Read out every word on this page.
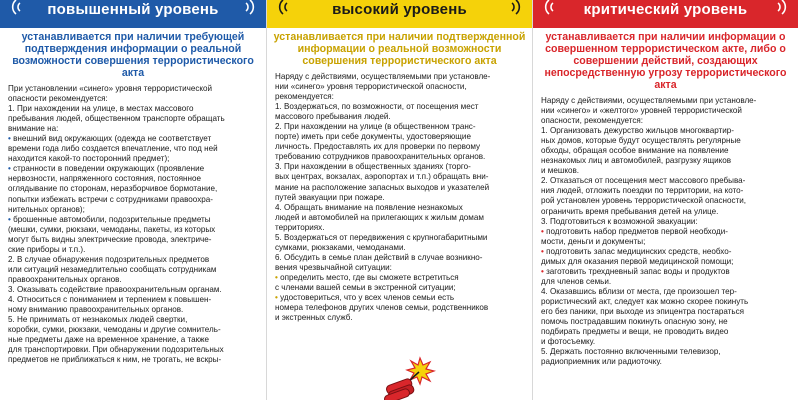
повышенный уровень
устанавливается при наличии требующей подтверждения информации о реальной возможности совершения террористического акта

При установлении «синего» уровня террористической

опасности рекомендуется:

1. При нахождении на улице, в местах массового

пребывания людей, общественном транспорте обращать

внимание на:

• внешний вид окружающих (одежда не соответствует

времени года либо создается впечатление, что под ней

находится какой-то посторонний предмет);

• странности в поведении окружающих (проявление

нервозности, напряженного состояния, постоянное

оглядывание по сторонам, неразборчивое бормотание,

попытки избежать встречи с сотрудниками правоохра-

нительных органов);

• брошенные автомобили, подозрительные предметы

(мешки, сумки, рюкзаки, чемоданы, пакеты, из которых

могут быть видны электрические провода, электриче-

ские приборы и т.п.).

2. В случае обнаружения подозрительных предметов

или ситуаций незамедлительно сообщать сотрудникам

правоохранительных органов.

3. Оказывать содействие правоохранительным органам.

4. Относиться с пониманием и терпением к повышен-

ному вниманию правоохранительных органов.

5. Не принимать от незнакомых людей свертки,

коробки, сумки, рюкзаки, чемоданы и другие сомнитель-

ные предметы даже на временное хранение, а также

для транспортировки. При обнаружении подозрительных

предметов не приближаться к ним, не трогать, не вскры-

высокий уровень
устанавливается при наличии подтвержденной информации о реальной возможности совершения террористического акта

Наряду с действиями, осуществляемыми при установле-

нии «синего» уровня террористической опасности,

рекомендуется:

1. Воздержаться, по возможности, от посещения мест

массового пребывания людей.

2. При нахождении на улице (в общественном транс-

порте) иметь при себе документы, удостоверяющие

личность. Предоставлять их для проверки по первому

требованию сотрудников правоохранительных органов.

3. При нахождении в общественных зданиях (торго-

вых центрах, вокзалах, аэропортах и т.п.) обращать вни-

мание на расположение запасных выходов и указателей

путей эвакуации при пожаре.

4. Обращать внимание на появление незнакомых

людей и автомобилей на прилегающих к жилым домам

территориях.

5. Воздержаться от передвижения с крупногабаритными

сумками, рюкзаками, чемоданами.

6. Обсудить в семье план действий в случае возникно-

вения чрезвычайной ситуации:

• определить место, где вы сможете встретиться

с членами вашей семьи в экстренной ситуации;

• удостовериться, что у всех членов семьи есть

номера телефонов других членов семьи, родственников

и экстренных служб.

критический уровень
устанавливается при наличии информации о совершенном террористическом акте, либо о совершении действий, создающих непосредственную угрозу террористического акта

Наряду с действиями, осуществляемыми при установле-

нии «синего» и «желтого» уровней террористической

опасности, рекомендуется:

1. Организовать дежурство жильцов многоквартир-

ных домов, которые будут осуществлять регулярные

обходы, обращая особое внимание на появление

незнакомых лиц и автомобилей, разгрузку ящиков

и мешков.

2. Отказаться от посещения мест массового пребыва-

ния людей, отложить поездки по территории, на кото-

рой установлен уровень террористической опасности,

ограничить время пребывания детей на улице.

3. Подготовиться к возможной эвакуации:

• подготовить набор предметов первой необходи-

мости, деньги и документы;

• подготовить запас медицинских средств, необхо-

димых для оказания первой медицинской помощи;

• заготовить трехдневный запас воды и продуктов

для членов семьи.

4. Оказавшись вблизи от места, где произошел тер-

рористический акт, следует как можно скорее покинуть

его без паники, при выходе из эпицентра постараться

помочь пострадавшим покинуть опасную зону, не

подбирать предметы и вещи, не проводить видео

и фотосъемку.

5. Держать постоянно включенными телевизор,

радиоприемник или радиоточку.
